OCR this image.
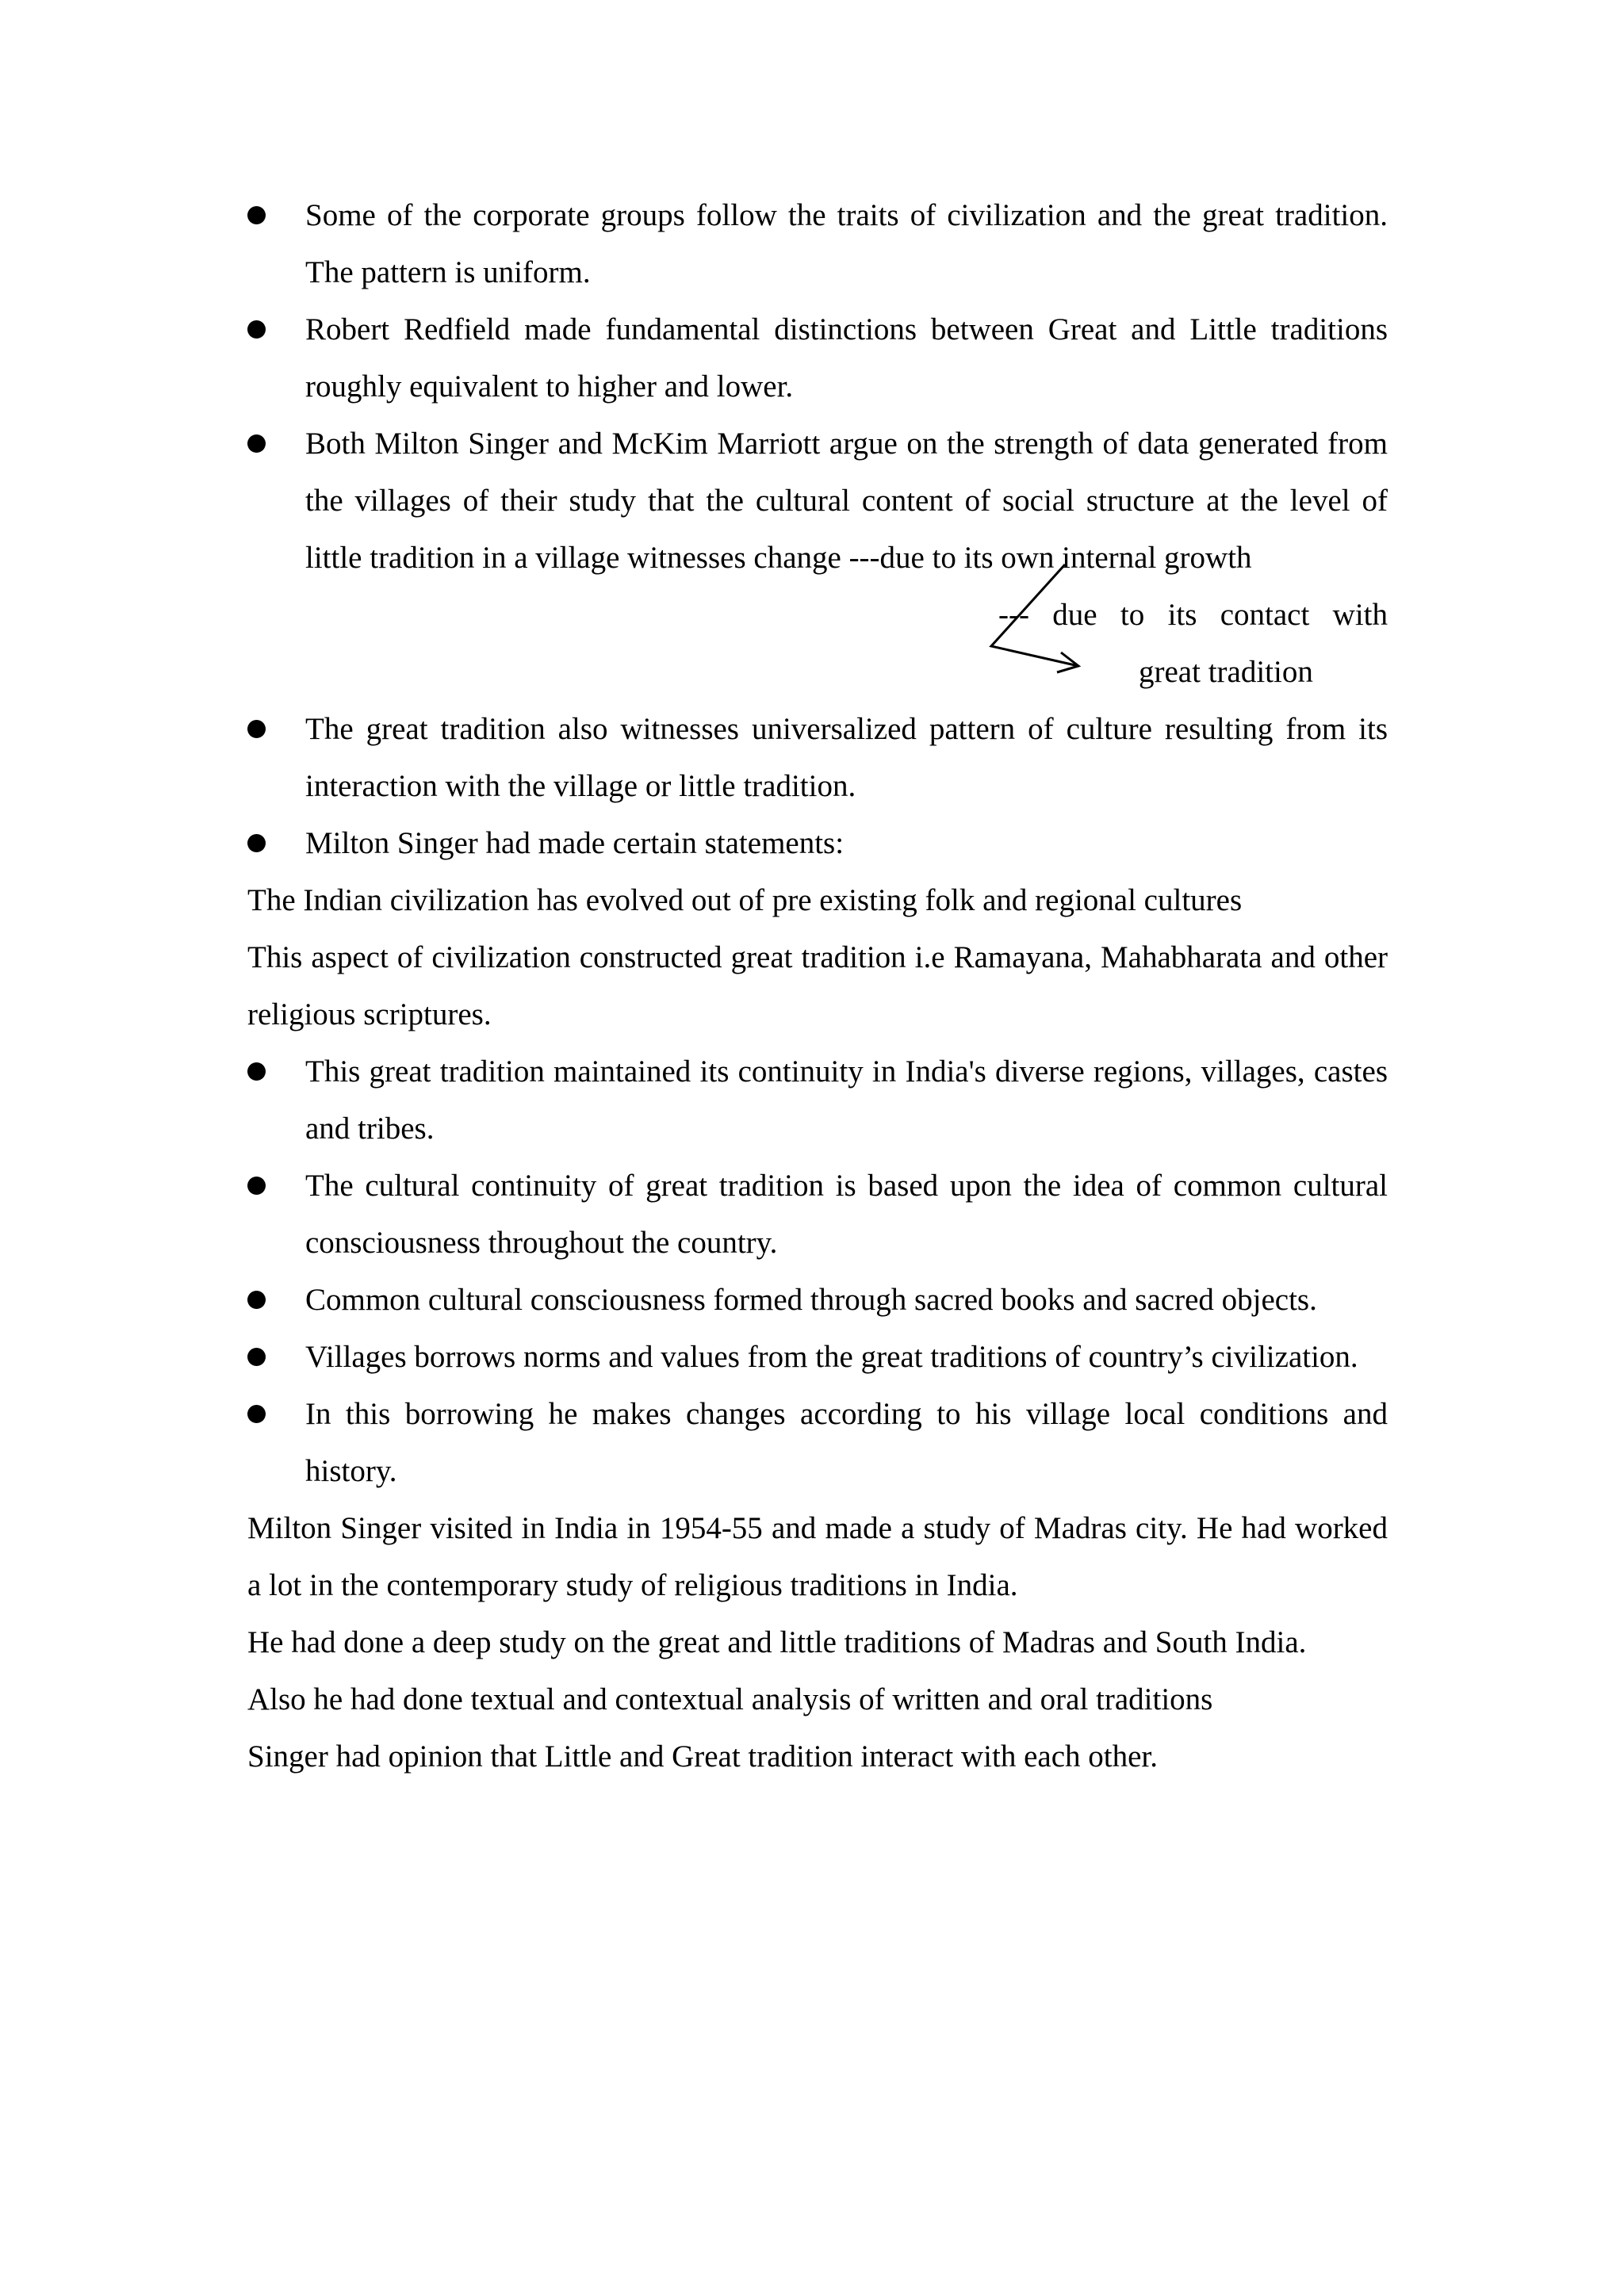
Some of the corporate groups follow the traits of civilization and the great tradition. The pattern is uniform.
Robert Redfield made fundamental distinctions between Great and Little traditions roughly equivalent to higher and lower.
Both Milton Singer and McKim Marriott argue on the strength of data generated from the villages of their study that the cultural content of social structure at the level of little tradition in a village witnesses change ---due to its own internal growth
--- due to its contact with
great tradition
The great tradition also witnesses universalized pattern of culture resulting from its interaction with the village or little tradition.
Milton Singer had made certain statements:
The Indian civilization has evolved out of pre existing folk and regional cultures
This aspect of civilization constructed great tradition i.e Ramayana, Mahabharata and other religious scriptures.
This great tradition maintained its continuity in India's diverse regions, villages, castes and tribes.
The cultural continuity of great tradition is based upon the idea of common cultural consciousness throughout the country.
Common cultural consciousness formed through sacred books and sacred objects.
Villages borrows norms and values from the great traditions of country’s civilization.
In this borrowing he makes changes according to his village local conditions and history.
Milton Singer visited in India in 1954-55 and made a study of Madras city. He had worked a lot in the contemporary study of religious traditions in India.
He had done a deep study on the great and little traditions of Madras and South India.
Also he had done textual and contextual analysis of written and oral traditions
Singer had opinion that Little and Great tradition interact with each other.
